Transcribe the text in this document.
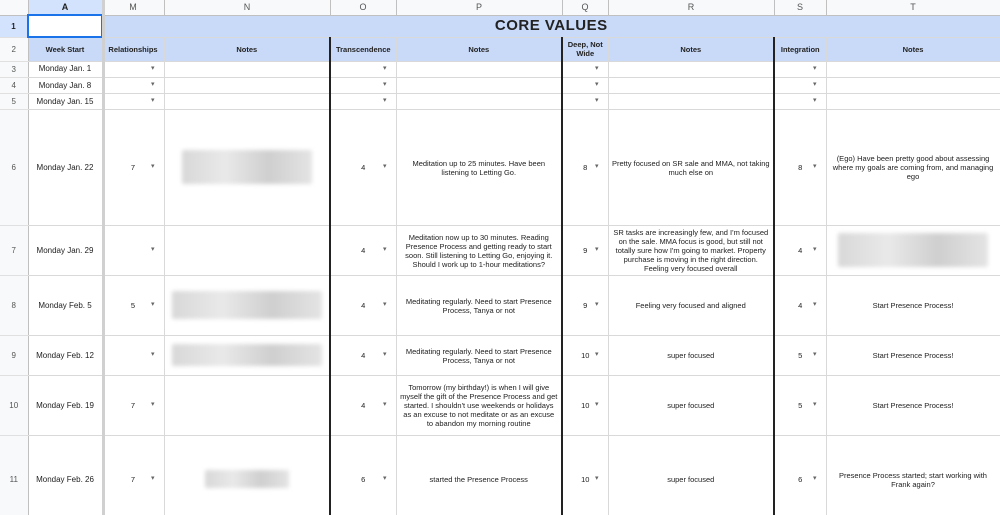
	A	M	N	O	P	Q	R	S	T
1		CORE VALUES							
2	Week Start	Relationships	Notes	Transcendence	Notes	Deep, Not Wide	Notes	Integration	Notes
3	Monday Jan. 1	▾		▾		▾		▾	

4	Monday Jan. 8	▾		▾		▾		▾	

5	Monday Jan. 15	▾		▾		▾		▾	

6	Monday Jan. 22	7 ▾		4 ▾	Meditation up to 25 minutes. Have been listening to Letting Go.	8 ▾	Pretty focused on SR sale and MMA, not taking much else on	8 ▾	(Ego) Have been pretty good about assessing where my goals are coming from, and managing ego
7	Monday Jan. 29	▾		4 ▾	Meditation now up to 30 minutes. Reading Presence Process and getting ready to start soon. Still listening to Letting Go, enjoying it. Should I work up to 1-hour meditations?	9 ▾	SR tasks are increasingly few, and I'm focused on the sale. MMA focus is good, but still not totally sure how I'm going to market. Property purchase is moving in the right direction. Feeling very focused overall	4 ▾	

8	Monday Feb. 5	5 ▾		4 ▾	Meditating regularly. Need to start Presence Process, Tanya or not	9 ▾	Feeling very focused and aligned	4 ▾	Start Presence Process!
9	Monday Feb. 12	▾		4 ▾	Meditating regularly. Need to start Presence Process, Tanya or not	10 ▾	super focused	5 ▾	Start Presence Process!
10	Monday Feb. 19	7 ▾		4 ▾	Tomorrow (my birthday!) is when I will give myself the gift of the Presence Process and get started. I shouldn't use weekends or holidays as an excuse to not meditate or as an excuse to abandon my morning routine	10 ▾	super focused	5 ▾	Start Presence Process!
11	Monday Feb. 26	7 ▾		6 ▾	started the Presence Process	10 ▾	super focused	6 ▾	Presence Process started; start working with Frank again?
